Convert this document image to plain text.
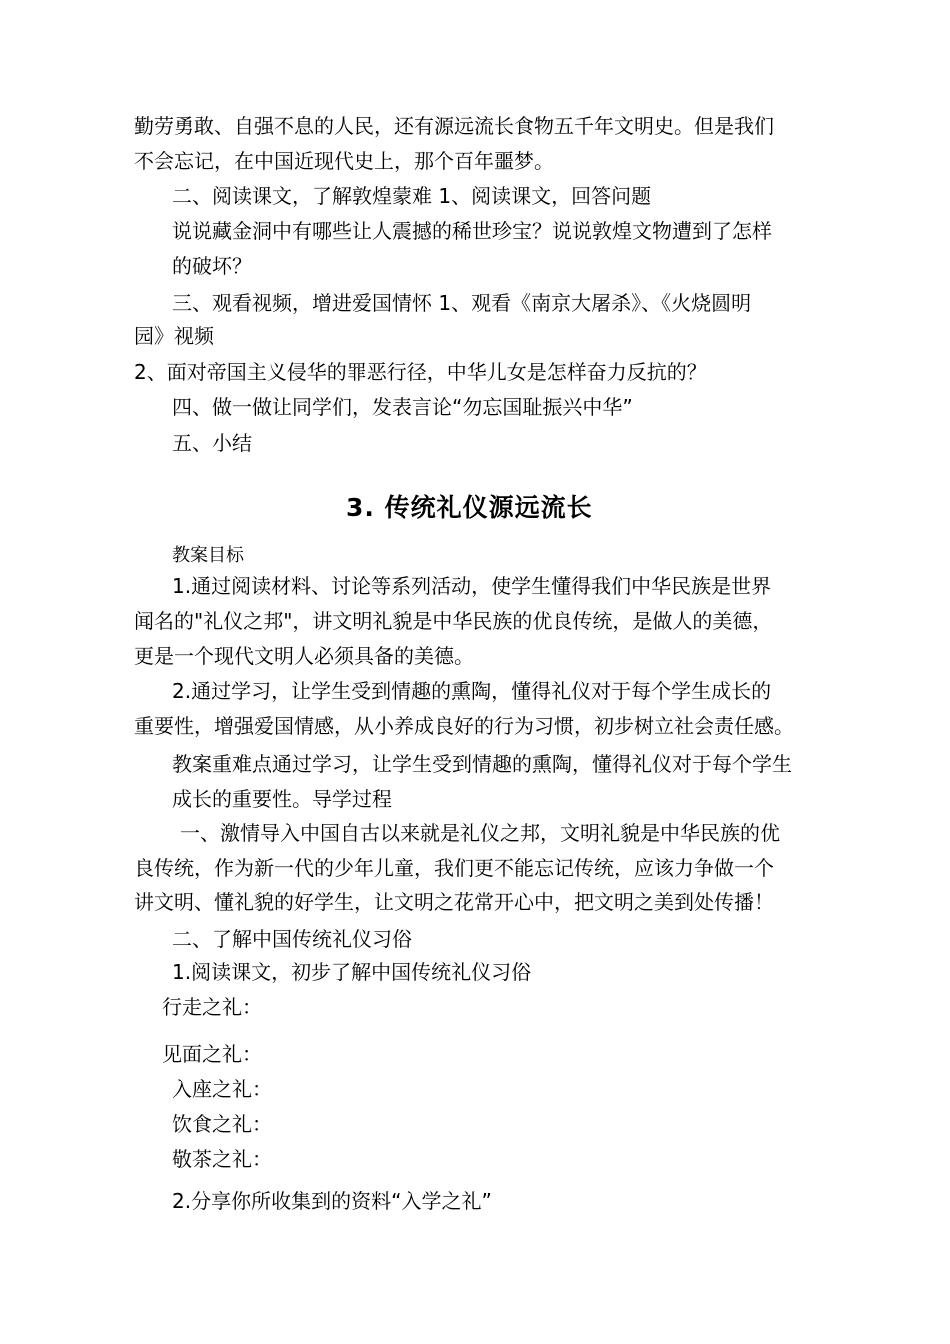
勤劳勇敢、自强不息的人民，还有源远流长食物五千年文明史。但是我们
不会忘记，在中国近现代史上，那个百年噩梦。
二、阅读课文，了解敦煌蒙难 1、阅读课文，回答问题
说说藏金洞中有哪些让人震撼的稀世珍宝？说说敦煌文物遭到了怎样
的破坏？
三、观看视频，增进爱国情怀 1、观看《南京大屠杀》、《火烧圆明
园》视频
2、面对帝国主义侵华的罪恶行径，中华儿女是怎样奋力反抗的？
四、做一做让同学们，发表言论“勿忘国耻振兴中华”
五、小结
3. 传统礼仪源远流长
教案目标
1.通过阅读材料、讨论等系列活动，使学生懂得我们中华民族是世界
闻名的"礼仪之邦"，讲文明礼貌是中华民族的优良传统，是做人的美德，
更是一个现代文明人必须具备的美德。
2.通过学习，让学生受到情趣的熏陶，懂得礼仪对于每个学生成长的
重要性，增强爱国情感，从小养成良好的行为习惯，初步树立社会责任感。
教案重难点通过学习，让学生受到情趣的熏陶，懂得礼仪对于每个学生
成长的重要性。导学过程
一、激情导入中国自古以来就是礼仪之邦，文明礼貌是中华民族的优
良传统，作为新一代的少年儿童，我们更不能忘记传统，应该力争做一个
讲文明、懂礼貌的好学生，让文明之花常开心中，把文明之美到处传播！
二、了解中国传统礼仪习俗
1.阅读课文，初步了解中国传统礼仪习俗
行走之礼：
见面之礼：
入座之礼：
饮食之礼：
敬茶之礼：
2.分享你所收集到的资料“入学之礼”
